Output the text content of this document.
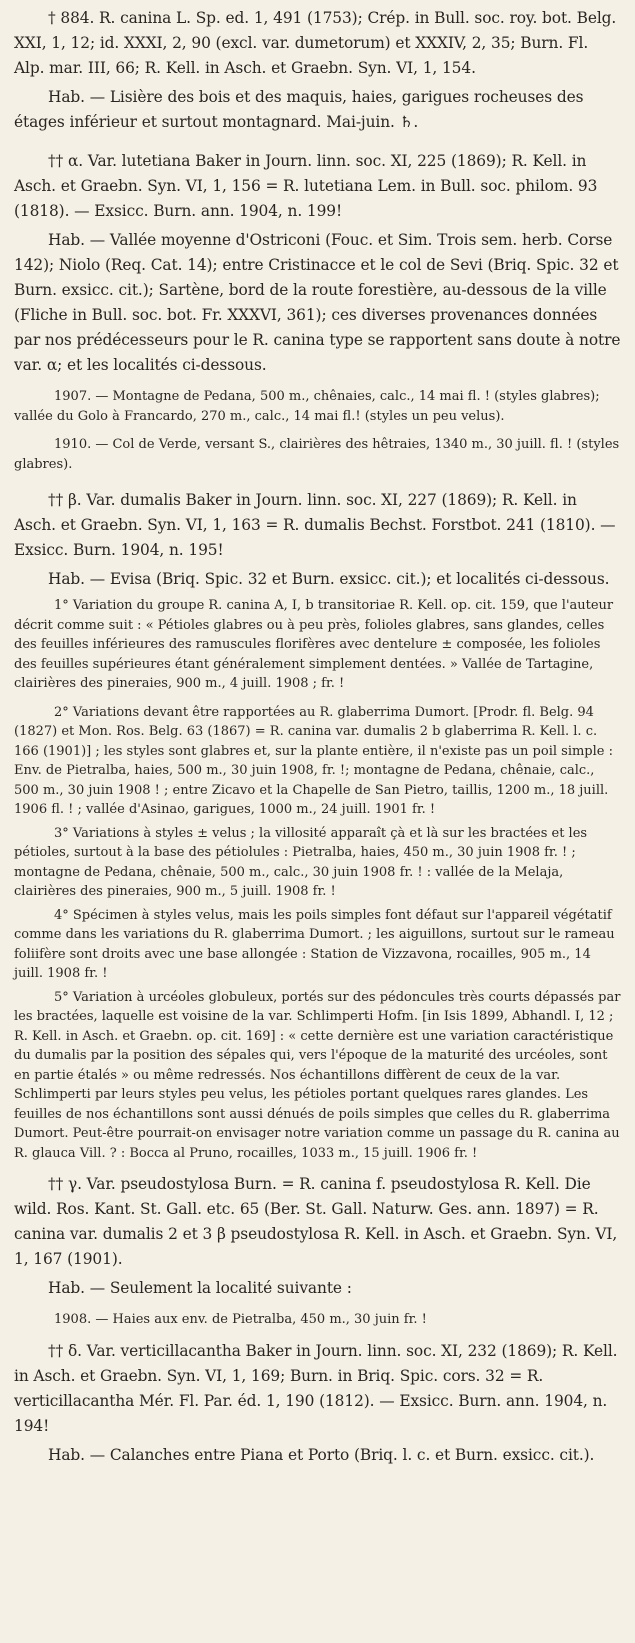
† 884. R. canina L. Sp. ed. 1, 491 (1753); Crép. in Bull. soc. roy. bot. Belg. XXI, 1, 12; id. XXXI, 2, 90 (excl. var. dumetorum) et XXXIV, 2, 35; Burn. Fl. Alp. mar. III, 66; R. Kell. in Asch. et Graebn. Syn. VI, 1, 154.

Hab. — Lisière des bois et des maquis, haies, garigues rocheuses des étages inférieur et surtout montagnard. Mai-juin. ♄.

†† α. Var. lutetiana Baker in Journ. linn. soc. XI, 225 (1869); R. Kell. in Asch. et Graebn. Syn. VI, 1, 156 = R. lutetiana Lem. in Bull. soc. philom. 93 (1818). — Exsicc. Burn. ann. 1904, n. 199!

Hab. — Vallée moyenne d'Ostriconi (Fouc. et Sim. Trois sem. herb. Corse 142); Niolo (Req. Cat. 14); entre Cristinacce et le col de Sevi (Briq. Spic. 32 et Burn. exsicc. cit.); Sartène, bord de la route forestière, au-dessous de la ville (Fliche in Bull. soc. bot. Fr. XXXVI, 361); ces diverses provenances données par nos prédécesseurs pour le R. canina type se rapportent sans doute à notre var. α; et les localités ci-dessous.

1907. — Montagne de Pedana, 500 m., chênaies, calc., 14 mai fl. ! (styles glabres); vallée du Golo à Francardo, 270 m., calc., 14 mai fl.! (styles un peu velus).

1910. — Col de Verde, versant S., clairières des hêtraies, 1340 m., 30 juill. fl. ! (styles glabres).

†† β. Var. dumalis Baker in Journ. linn. soc. XI, 227 (1869); R. Kell. in Asch. et Graebn. Syn. VI, 1, 163 = R. dumalis Bechst. Forstbot. 241 (1810). — Exsicc. Burn. 1904, n. 195!

Hab. — Evisa (Briq. Spic. 32 et Burn. exsicc. cit.); et localités ci-dessous.

1° Variation du groupe R. canina A, I, b transitoriae R. Kell. op. cit. 159, que l'auteur décrit comme suit : « Pétioles glabres ou à peu près, folioles glabres, sans glandes, celles des feuilles inférieures des ramuscules florifères avec dentelure ± composée, les folioles des feuilles supérieures étant généralement simplement dentées. » Vallée de Tartagine, clairières des pineraies, 900 m., 4 juill. 1908 ; fr. !

2° Variations devant être rapportées au R. glaberrima Dumort. [Prodr. fl. Belg. 94 (1827) et Mon. Ros. Belg. 63 (1867) = R. canina var. dumalis 2 b glaberrima R. Kell. l. c. 166 (1901)] ; les styles sont glabres et, sur la plante entière, il n'existe pas un poil simple : Env. de Pietralba, haies, 500 m., 30 juin 1908, fr. !; montagne de Pedana, chênaie, calc., 500 m., 30 juin 1908 ! ; entre Zicavo et la Chapelle de San Pietro, taillis, 1200 m., 18 juill. 1906 fl. ! ; vallée d'Asinao, garigues, 1000 m., 24 juill. 1901 fr. !

3° Variations à styles ± velus ; la villosité apparaît çà et là sur les bractées et les pétioles, surtout à la base des pétiolules : Pietralba, haies, 450 m., 30 juin 1908 fr. ! ; montagne de Pedana, chênaie, 500 m., calc., 30 juin 1908 fr. ! : vallée de la Melaja, clairières des pineraies, 900 m., 5 juill. 1908 fr. !

4° Spécimen à styles velus, mais les poils simples font défaut sur l'appareil végétatif comme dans les variations du R. glaberrima Dumort. ; les aiguillons, surtout sur le rameau foliifère sont droits avec une base allongée : Station de Vizzavona, rocailles, 905 m., 14 juill. 1908 fr. !

5° Variation à urcéoles globuleux, portés sur des pédoncules très courts dépassés par les bractées, laquelle est voisine de la var. Schlimperti Hofm. [in Isis 1899, Abhandl. I, 12 ; R. Kell. in Asch. et Graebn. op. cit. 169] : « cette dernière est une variation caractéristique du dumalis par la position des sépales qui, vers l'époque de la maturité des urcéoles, sont en partie étalés » ou même redressés. Nos échantillons diffèrent de ceux de la var. Schlimperti par leurs styles peu velus, les pétioles portant quelques rares glandes. Les feuilles de nos échantillons sont aussi dénués de poils simples que celles du R. glaberrima Dumort. Peut-être pourrait-on envisager notre variation comme un passage du R. canina au R. glauca Vill. ? : Bocca al Pruno, rocailles, 1033 m., 15 juill. 1906 fr. !

†† γ. Var. pseudostylosa Burn. = R. canina f. pseudostylosa R. Kell. Die wild. Ros. Kant. St. Gall. etc. 65 (Ber. St. Gall. Naturw. Ges. ann. 1897) = R. canina var. dumalis 2 et 3 β pseudostylosa R. Kell. in Asch. et Graebn. Syn. VI, 1, 167 (1901).

Hab. — Seulement la localité suivante :

1908. — Haies aux env. de Pietralba, 450 m., 30 juin fr. !

†† δ. Var. verticillacantha Baker in Journ. linn. soc. XI, 232 (1869); R. Kell. in Asch. et Graebn. Syn. VI, 1, 169; Burn. in Briq. Spic. cors. 32 = R. verticillacantha Mér. Fl. Par. éd. 1, 190 (1812). — Exsicc. Burn. ann. 1904, n. 194!

Hab. — Calanches entre Piana et Porto (Briq. l. c. et Burn. exsicc. cit.).
